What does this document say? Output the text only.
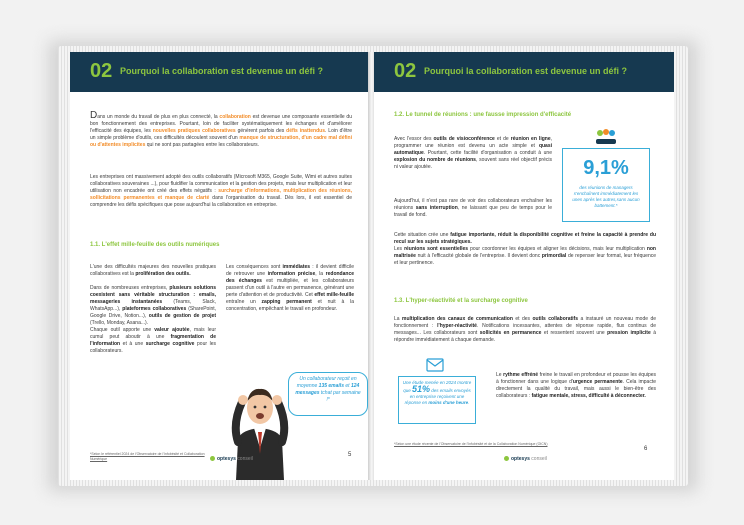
02 Pourquoi la collaboration est devenue un défi ?

Dans un monde du travail de plus en plus connecté, la collaboration est devenue une composante essentielle du bon fonctionnement des entreprises. Pourtant, loin de faciliter systématiquement les échanges et d'améliorer l'efficacité des équipes, les nouvelles pratiques collaboratives génèrent parfois des défis inattendus. Loin d'être un simple problème d'outils, ces difficultés découlent souvent d'un manque de structuration, d'un cadre mal défini ou d'attentes implicites qui ne sont pas partagées entre les collaborateurs.

Les entreprises ont massivement adopté des outils collaboratifs (Microsoft M365, Google Suite, Wimi et autres suites collaboratives souveraines ...), pour fluidifier la communication et la gestion des projets, mais leur multiplication et leur utilisation non encadrée ont créé des effets négatifs : surcharge d'informations, multiplication des réunions, sollicitations permanentes et manque de clarté dans l'organisation du travail. Dès lors, il est essentiel de comprendre les défis spécifiques que pose aujourd'hui la collaboration en entreprise.

1.1. L'effet mille-feuille des outils numériques

L'une des difficultés majeures des nouvelles pratiques collaboratives est la prolifération des outils.

Dans de nombreuses entreprises, plusieurs solutions coexistent sans véritable structuration : emails, messageries instantanées (Teams, Slack, WhatsApp...), plateformes collaboratives (SharePoint, Google Drive, Notion...), outils de gestion de projet (Trello, Monday, Asana...).
Chaque outil apporte une valeur ajoutée, mais leur cumul peut aboutir à une fragmentation de l'information et à une surcharge cognitive pour les collaborateurs.

Les conséquences sont immédiates : il devient difficile de retrouver une information précise, la redondance des échanges est multipliée, et les collaborateurs passent d'un outil à l'autre en permanence, générant une perte d'attention et de productivité. Cet effet mille-feuille entraîne un zapping permanent et nuit à la concentration, empêchant le travail en profondeur.

Un collaborateur reçoit en moyenne 135 emails et 124 messages tchat par semaine !*
*Selon le référentiel 2024 de l'Observatoire de l'Infobésité et Collaboration Numérique	optesys conseil
5
02 Pourquoi la collaboration est devenue un défi ?
1.2. Le tunnel de réunions : une fausse impression d'efficacité

Avec l'essor des outils de visioconférence et de réunion en ligne, programmer une réunion est devenu un acte simple et quasi automatique. Pourtant, cette facilité d'organisation a conduit à une explosion du nombre de réunions, souvent sans réel objectif précis ni valeur ajoutée.

Aujourd'hui, il n'est pas rare de voir des collaborateurs enchaîner les réunions sans interruption, ne laissant que peu de temps pour le travail de fond.

9,1%
des réunions de managers s'enchaînent immédiatement les unes après les autres,sans aucun battement.*

Cette situation crée une fatigue importante, réduit la disponibilité cognitive et freine la capacité à prendre du recul sur les sujets stratégiques.
Les réunions sont essentielles pour coordonner les équipes et aligner les décisions, mais leur multiplication non maîtrisée nuit à l'efficacité globale de l'entreprise. Il devient donc primordial de repenser leur format, leur fréquence et leur pertinence.

1.3. L'hyper-réactivité et la surcharge cognitive

La multiplication des canaux de communication et des outils collaboratifs a instauré un nouveau mode de fonctionnement : l'hyper-réactivité. Notifications incessantes, attentes de réponse rapide, flux continus de messages... Les collaborateurs sont sollicités en permanence et ressentent souvent une pression implicite à répondre immédiatement à chaque demande.

Une étude menée en 2024 montre que 51% des emails envoyés en entreprise reçoivent une réponse en moins d'une heure.

Le rythme effréné freine le travail en profondeur et pousse les équipes à fonctionner dans une logique d'urgence permanente. Cela impacte directement la qualité du travail, mais aussi le bien-être des collaborateurs : fatigue mentale, stress, difficulté à déconnecter.

*Selon une étude récente de l'Observatoire de l'Infobésité et de la Collaboration Numérique (OICN)
optesys conseil
6
